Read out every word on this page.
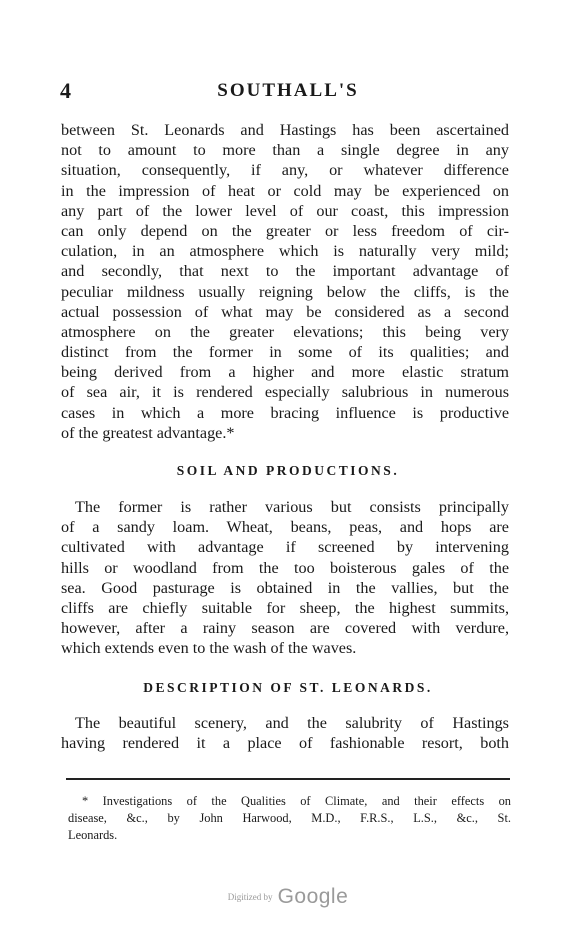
4	SOUTHALL'S
between St. Leonards and Hastings has been ascertained
not to amount to more than a single degree in any
situation, consequently, if any, or whatever difference
in the impression of heat or cold may be experienced on
any part of the lower level of our coast, this impression
can only depend on the greater or less freedom of cir-
culation, in an atmosphere which is naturally very mild;
and secondly, that next to the important advantage of
peculiar mildness usually reigning below the cliffs, is the
actual possession of what may be considered as a second
atmosphere on the greater elevations; this being very
distinct from the former in some of its qualities; and
being derived from a higher and more elastic stratum
of sea air, it is rendered especially salubrious in numerous
cases in which a more bracing influence is productive
of the greatest advantage.*
SOIL AND PRODUCTIONS.
The former is rather various but consists principally
of a sandy loam. Wheat, beans, peas, and hops are
cultivated with advantage if screened by intervening
hills or woodland from the too boisterous gales of the
sea. Good pasturage is obtained in the vallies, but the
cliffs are chiefly suitable for sheep, the highest summits,
however, after a rainy season are covered with verdure,
which extends even to the wash of the waves.
DESCRIPTION OF ST. LEONARDS.
The beautiful scenery, and the salubrity of Hastings
having rendered it a place of fashionable resort, both
* Investigations of the Qualities of Climate, and their effects on
disease, &c., by John Harwood, M.D., F.R.S., L.S., &c., St.
Leonards.
Digitized by Google
